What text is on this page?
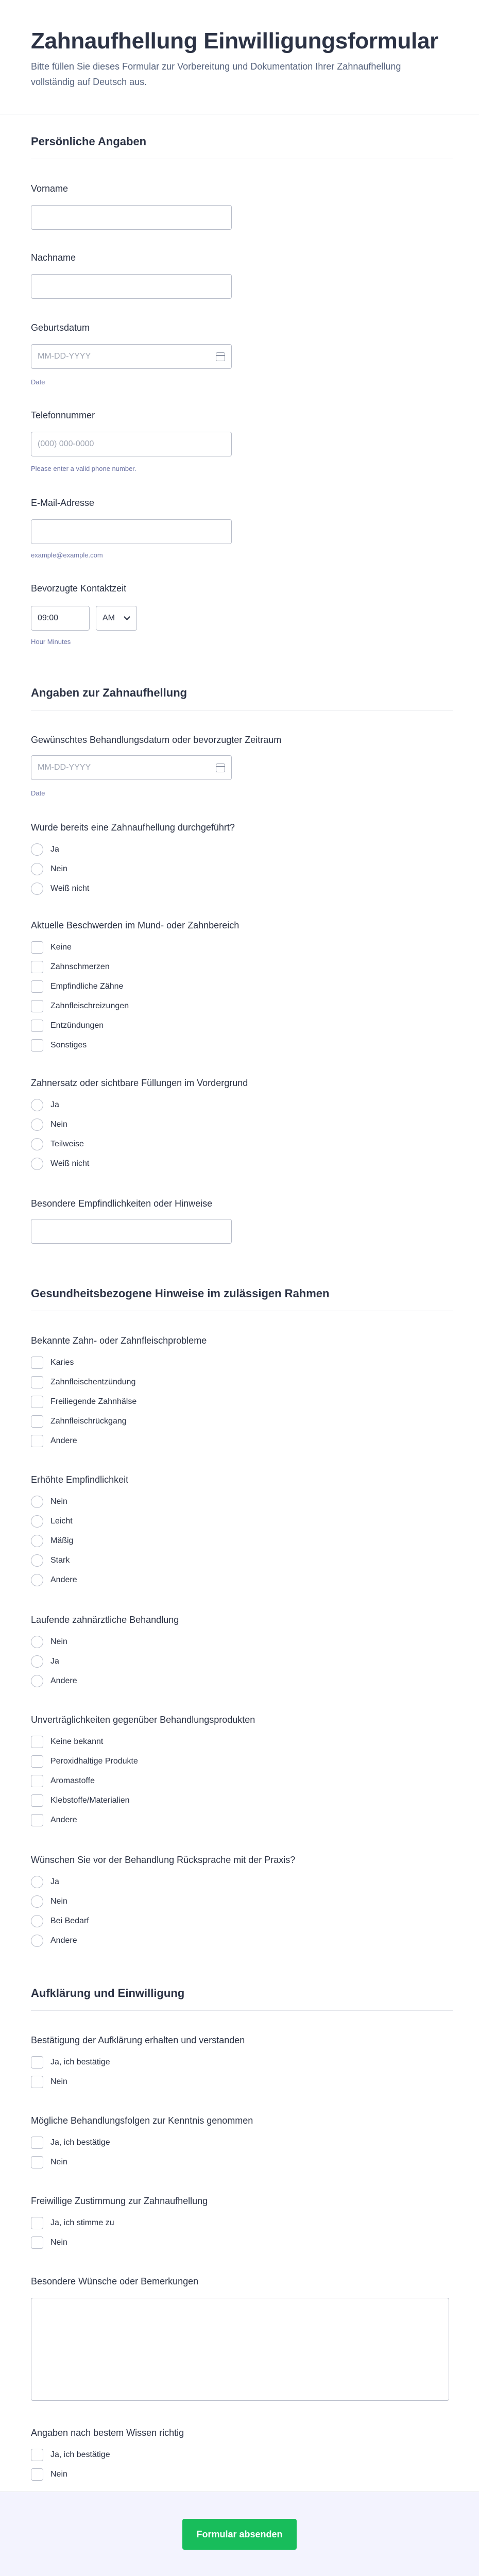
Zahnaufhellung Einwilligungsformular

Bitte füllen Sie dieses Formular zur Vorbereitung und Dokumentation Ihrer Zahnaufhellung vollständig auf Deutsch aus.

Persönliche Angaben
Vorname
Nachname
Geburtsdatum
MM-DD-YYYY
Date
Telefonnummer
(000) 000-0000
Please enter a valid phone number.
E-Mail-Adresse
example@example.com
Bevorzugte Kontaktzeit
09:00	AM
Hour Minutes
Angaben zur Zahnaufhellung
Gewünschtes Behandlungsdatum oder bevorzugter Zeitraum
MM-DD-YYYY
Date
Wurde bereits eine Zahnaufhellung durchgeführt?
Ja
Nein
Weiß nicht
Aktuelle Beschwerden im Mund- oder Zahnbereich
Keine
Zahnschmerzen
Empfindliche Zähne
Zahnfleischreizungen
Entzündungen
Sonstiges
Zahnersatz oder sichtbare Füllungen im Vordergrund
Ja
Nein
Teilweise
Weiß nicht
Besondere Empfindlichkeiten oder Hinweise
Gesundheitsbezogene Hinweise im zulässigen Rahmen
Bekannte Zahn- oder Zahnfleischprobleme
Karies
Zahnfleischentzündung
Freiliegende Zahnhälse
Zahnfleischrückgang
Andere
Erhöhte Empfindlichkeit
Nein
Leicht
Mäßig
Stark
Andere
Laufende zahnärztliche Behandlung
Nein
Ja
Andere
Unverträglichkeiten gegenüber Behandlungsprodukten
Keine bekannt
Peroxidhaltige Produkte
Aromastoffe
Klebstoffe/Materialien
Andere
Wünschen Sie vor der Behandlung Rücksprache mit der Praxis?
Ja
Nein
Bei Bedarf
Andere
Aufklärung und Einwilligung
Bestätigung der Aufklärung erhalten und verstanden
Ja, ich bestätige
Nein
Mögliche Behandlungsfolgen zur Kenntnis genommen
Ja, ich bestätige
Nein
Freiwillige Zustimmung zur Zahnaufhellung
Ja, ich stimme zu
Nein
Besondere Wünsche oder Bemerkungen
Angaben nach bestem Wissen richtig
Ja, ich bestätige
Nein
Formular absenden
